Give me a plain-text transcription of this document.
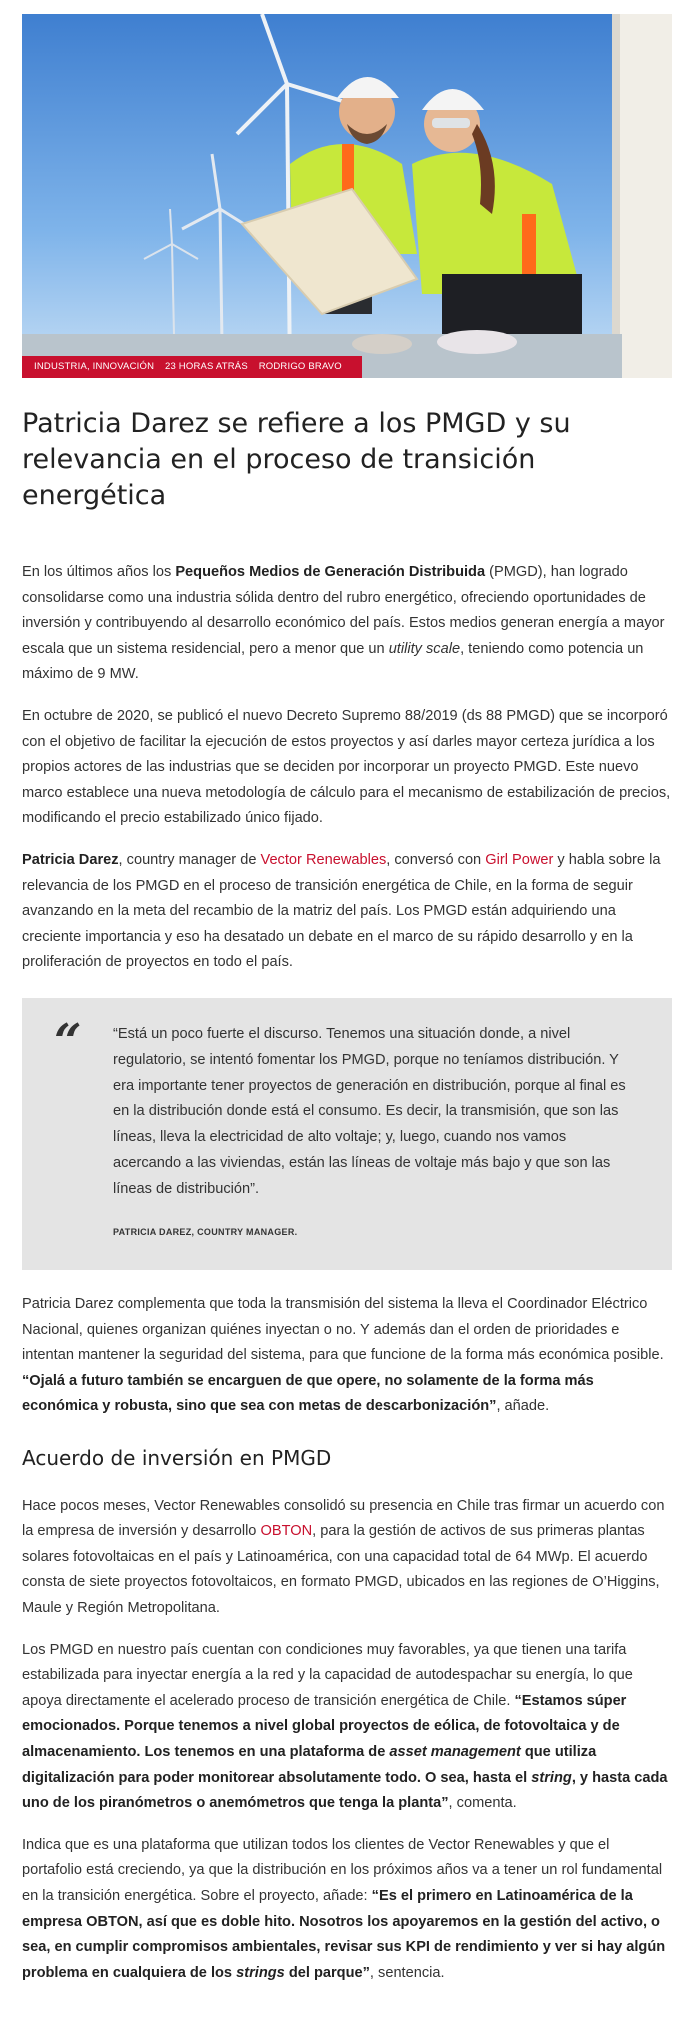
INDUSTRIA, INNOVACIÓN 23 HORAS ATRÁS RODRIGO BRAVO
Patricia Darez se refiere a los PMGD y su relevancia en el proceso de transición energética

En los últimos años los Pequeños Medios de Generación Distribuida (PMGD), han logrado consolidarse como una industria sólida dentro del rubro energético, ofreciendo oportunidades de inversión y contribuyendo al desarrollo económico del país. Estos medios generan energía a mayor escala que un sistema residencial, pero a menor que un utility scale, teniendo como potencia un máximo de 9 MW.

En octubre de 2020, se publicó el nuevo Decreto Supremo 88/2019 (ds 88 PMGD) que se incorporó con el objetivo de facilitar la ejecución de estos proyectos y así darles mayor certeza jurídica a los propios actores de las industrias que se deciden por incorporar un proyecto PMGD. Este nuevo marco establece una nueva metodología de cálculo para el mecanismo de estabilización de precios, modificando el precio estabilizado único fijado.

Patricia Darez, country manager de Vector Renewables, conversó con Girl Power y habla sobre la relevancia de los PMGD en el proceso de transición energética de Chile, en la forma de seguir avanzando en la meta del recambio de la matriz del país. Los PMGD están adquiriendo una creciente importancia y eso ha desatado un debate en el marco de su rápido desarrollo y en la proliferación de proyectos en todo el país.

“ “Está un poco fuerte el discurso. Tenemos una situación donde, a nivel regulatorio, se intentó fomentar los PMGD, porque no teníamos distribución. Y era importante tener proyectos de generación en distribución, porque al final es en la distribución donde está el consumo. Es decir, la transmisión, que son las líneas, lleva la electricidad de alto voltaje; y, luego, cuando nos vamos acercando a las viviendas, están las líneas de voltaje más bajo y que son las líneas de distribución”.
PATRICIA DAREZ, COUNTRY MANAGER.

Patricia Darez complementa que toda la transmisión del sistema la lleva el Coordinador Eléctrico Nacional, quienes organizan quiénes inyectan o no. Y además dan el orden de prioridades e intentan mantener la seguridad del sistema, para que funcione de la forma más económica posible. “Ojalá a futuro también se encarguen de que opere, no solamente de la forma más económica y robusta, sino que sea con metas de descarbonización”, añade.

Acuerdo de inversión en PMGD

Hace pocos meses, Vector Renewables consolidó su presencia en Chile tras firmar un acuerdo con la empresa de inversión y desarrollo OBTON, para la gestión de activos de sus primeras plantas solares fotovoltaicas en el país y Latinoamérica, con una capacidad total de 64 MWp. El acuerdo consta de siete proyectos fotovoltaicos, en formato PMGD, ubicados en las regiones de O’Higgins, Maule y Región Metropolitana.

Los PMGD en nuestro país cuentan con condiciones muy favorables, ya que tienen una tarifa estabilizada para inyectar energía a la red y la capacidad de autodespachar su energía, lo que apoya directamente el acelerado proceso de transición energética de Chile. “Estamos súper emocionados. Porque tenemos a nivel global proyectos de eólica, de fotovoltaica y de almacenamiento. Los tenemos en una plataforma de asset management que utiliza digitalización para poder monitorear absolutamente todo. O sea, hasta el string, y hasta cada uno de los piranómetros o anemómetros que tenga la planta”, comenta.

Indica que es una plataforma que utilizan todos los clientes de Vector Renewables y que el portafolio está creciendo, ya que la distribución en los próximos años va a tener un rol fundamental en la transición energética. Sobre el proyecto, añade: “Es el primero en Latinoamérica de la empresa OBTON, así que es doble hito. Nosotros los apoyaremos en la gestión del activo, o sea, en cumplir compromisos ambientales, revisar sus KPI de rendimiento y ver si hay algún problema en cualquiera de los strings del parque”, sentencia.
